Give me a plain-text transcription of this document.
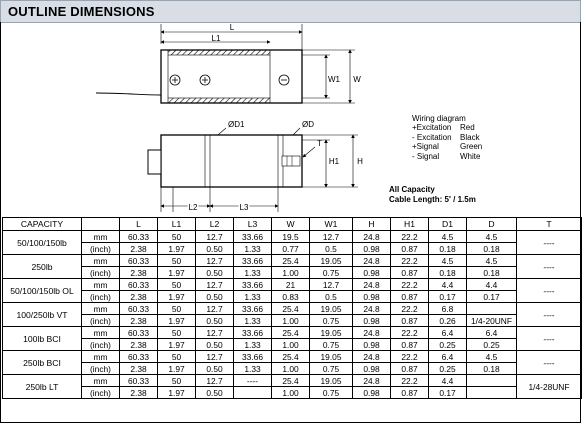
OUTLINE DIMENSIONS
L
L1
W1 W
ØD1	ØD
T
H1 H
L2	L3
Wiring diagram
+Excitation	Red
- Excitation	Black
+Signal	Green
- Signal	White
All Capacity
Cable Length: 5' / 1.5m
CAPACITY		L	L1	L2	L3	W	W1	H	H1	D1	D	T
50/100/150lb	mm	60.33	50	12.7	33.66	19.5	12.7	24.8	22.2	4.5	4.5	----
	(inch)	2.38	1.97	0.50	1.33	0.77	0.5	0.98	0.87	0.18	0.18	
250lb	mm	60.33	50	12.7	33.66	25.4	19.05	24.8	22.2	4.5	4.5	----
	(inch)	2.38	1.97	0.50	1.33	1.00	0.75	0.98	0.87	0.18	0.18	
50/100/150lb OL	mm	60.33	50	12.7	33.66	21	12.7	24.8	22.2	4.4	4.4	----
	(inch)	2.38	1.97	0.50	1.33	0.83	0.5	0.98	0.87	0.17	0.17	
100/250lb VT	mm	60.33	50	12.7	33.66	25.4	19.05	24.8	22.2	6.8		----
	(inch)	2.38	1.97	0.50	1.33	1.00	0.75	0.98	0.87	0.26	1/4-20UNF	
100lb BCI	mm	60.33	50	12.7	33.66	25.4	19.05	24.8	22.2	6.4	6.4	----
	(inch)	2.38	1.97	0.50	1.33	1.00	0.75	0.98	0.87	0.25	0.25	
250lb BCI	mm	60.33	50	12.7	33.66	25.4	19.05	24.8	22.2	6.4	4.5	----
	(inch)	2.38	1.97	0.50	1.33	1.00	0.75	0.98	0.87	0.25	0.18	
250lb LT	mm	60.33	50	12.7	----	25.4	19.05	24.8	22.2	4.4		1/4-28UNF
	(inch)	2.38	1.97	0.50		1.00	0.75	0.98	0.87	0.17		
